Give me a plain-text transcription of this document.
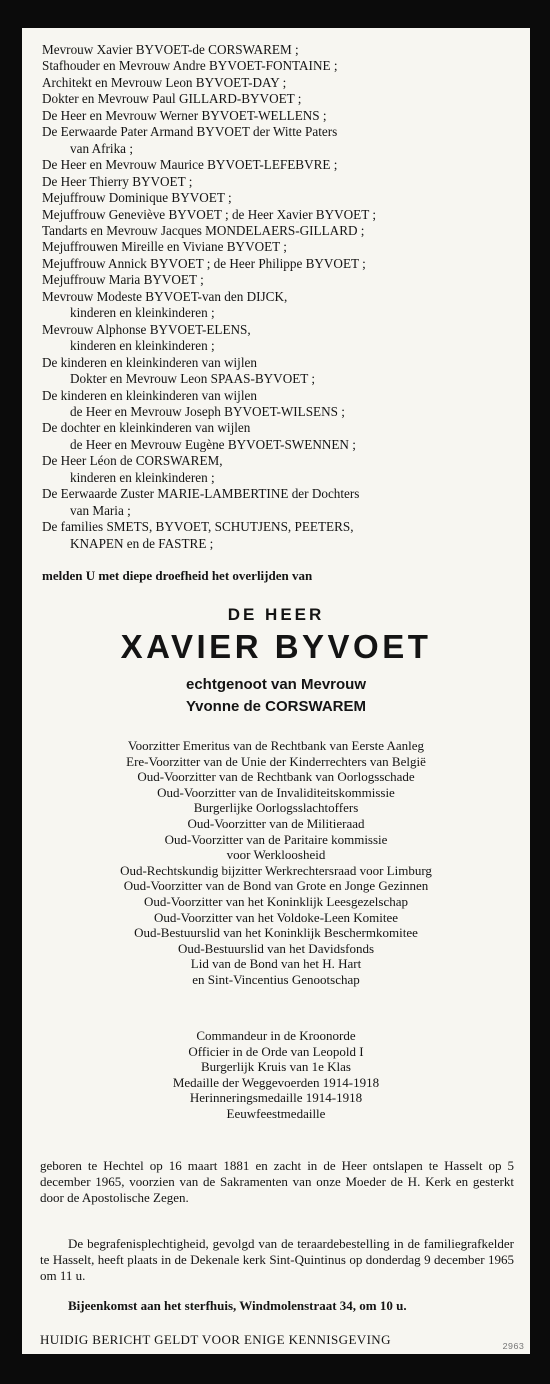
Mevrouw Xavier BYVOET-de CORSWAREM ;
Stafhouder en Mevrouw Andre BYVOET-FONTAINE ;
Architekt en Mevrouw Leon BYVOET-DAY ;
Dokter en Mevrouw Paul GILLARD-BYVOET ;
De Heer en Mevrouw Werner BYVOET-WELLENS ;
De Eerwaarde Pater Armand BYVOET der Witte Paters
van Afrika ;
De Heer en Mevrouw Maurice BYVOET-LEFEBVRE ;
De Heer Thierry BYVOET ;
Mejuffrouw Dominique BYVOET ;
Mejuffrouw Geneviève BYVOET ; de Heer Xavier BYVOET ;
Tandarts en Mevrouw Jacques MONDELAERS-GILLARD ;
Mejuffrouwen Mireille en Viviane BYVOET ;
Mejuffrouw Annick BYVOET ; de Heer Philippe BYVOET ;
Mejuffrouw Maria BYVOET ;
Mevrouw Modeste BYVOET-van den DIJCK,
kinderen en kleinkinderen ;
Mevrouw Alphonse BYVOET-ELENS,
kinderen en kleinkinderen ;
De kinderen en kleinkinderen van wijlen
Dokter en Mevrouw Leon SPAAS-BYVOET ;
De kinderen en kleinkinderen van wijlen
de Heer en Mevrouw Joseph BYVOET-WILSENS ;
De dochter en kleinkinderen van wijlen
de Heer en Mevrouw Eugène BYVOET-SWENNEN ;
De Heer Léon de CORSWAREM,
kinderen en kleinkinderen ;
De Eerwaarde Zuster MARIE-LAMBERTINE der Dochters
van Maria ;
De families SMETS, BYVOET, SCHUTJENS, PEETERS,
KNAPEN en de FASTRE ;
melden U met diepe droefheid het overlijden van
DE HEER
XAVIER BYVOET
echtgenoot van Mevrouw
Yvonne de CORSWAREM
Voorzitter Emeritus van de Rechtbank van Eerste Aanleg
Ere-Voorzitter van de Unie der Kinderrechters van België
Oud-Voorzitter van de Rechtbank van Oorlogsschade
Oud-Voorzitter van de Invaliditeitskommissie
Burgerlijke Oorlogsslachtoffers
Oud-Voorzitter van de Militieraad
Oud-Voorzitter van de Paritaire kommissie
voor Werkloosheid
Oud-Rechtskundig bijzitter Werkrechtersraad voor Limburg
Oud-Voorzitter van de Bond van Grote en Jonge Gezinnen
Oud-Voorzitter van het Koninklijk Leesgezelschap
Oud-Voorzitter van het Voldoke-Leen Komitee
Oud-Bestuurslid van het Koninklijk Beschermkomitee
Oud-Bestuurslid van het Davidsfonds
Lid van de Bond van het H. Hart
en Sint-Vincentius Genootschap
Commandeur in de Kroonorde
Officier in de Orde van Leopold I
Burgerlijk Kruis van 1e Klas
Medaille der Weggevoerden 1914-1918
Herinneringsmedaille 1914-1918
Eeuwfeestmedaille
geboren te Hechtel op 16 maart 1881 en zacht in de Heer ontslapen te Hasselt op 5 december 1965, voorzien van de Sakramenten van onze Moeder de H. Kerk en gesterkt door de Apostolische Zegen.
De begrafenisplechtigheid, gevolgd van de teraardebestelling in de familiegrafkelder te Hasselt, heeft plaats in de Dekenale kerk Sint-Quintinus op donderdag 9 december 1965 om 11 u.
Bijeenkomst aan het sterfhuis, Windmolenstraat 34, om 10 u.
HUIDIG BERICHT GELDT VOOR ENIGE KENNISGEVING	2963
